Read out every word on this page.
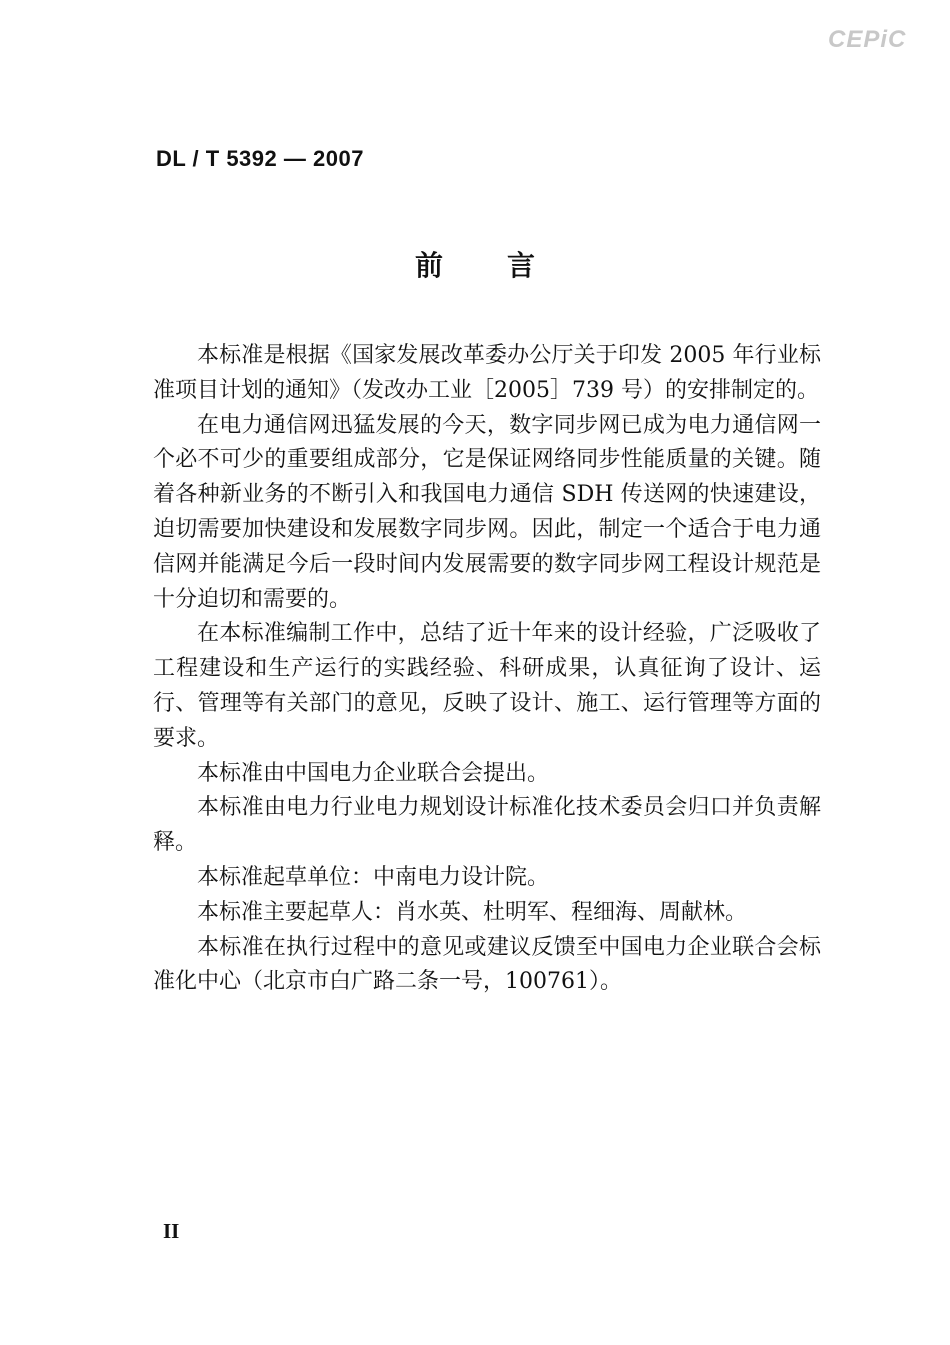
CEPiC
DL / T 5392 — 2007
前言

本标准是根据《国家发展改革委办公厅关于印发 2005 年行业标准项目计划的通知》（发改办工业［2005］739 号）的安排制定的。

在电力通信网迅猛发展的今天，数字同步网已成为电力通信网一个必不可少的重要组成部分，它是保证网络同步性能质量的关键。随着各种新业务的不断引入和我国电力通信 SDH 传送网的快速建设，迫切需要加快建设和发展数字同步网。因此，制定一个适合于电力通信网并能满足今后一段时间内发展需要的数字同步网工程设计规范是十分迫切和需要的。

在本标准编制工作中，总结了近十年来的设计经验，广泛吸收了工程建设和生产运行的实践经验、科研成果，认真征询了设计、运行、管理等有关部门的意见，反映了设计、施工、运行管理等方面的要求。

本标准由中国电力企业联合会提出。

本标准由电力行业电力规划设计标准化技术委员会归口并负责解释。

本标准起草单位：中南电力设计院。

本标准主要起草人：肖水英、杜明军、程细海、周献林。

本标准在执行过程中的意见或建议反馈至中国电力企业联合会标准化中心（北京市白广路二条一号，100761）。

II
